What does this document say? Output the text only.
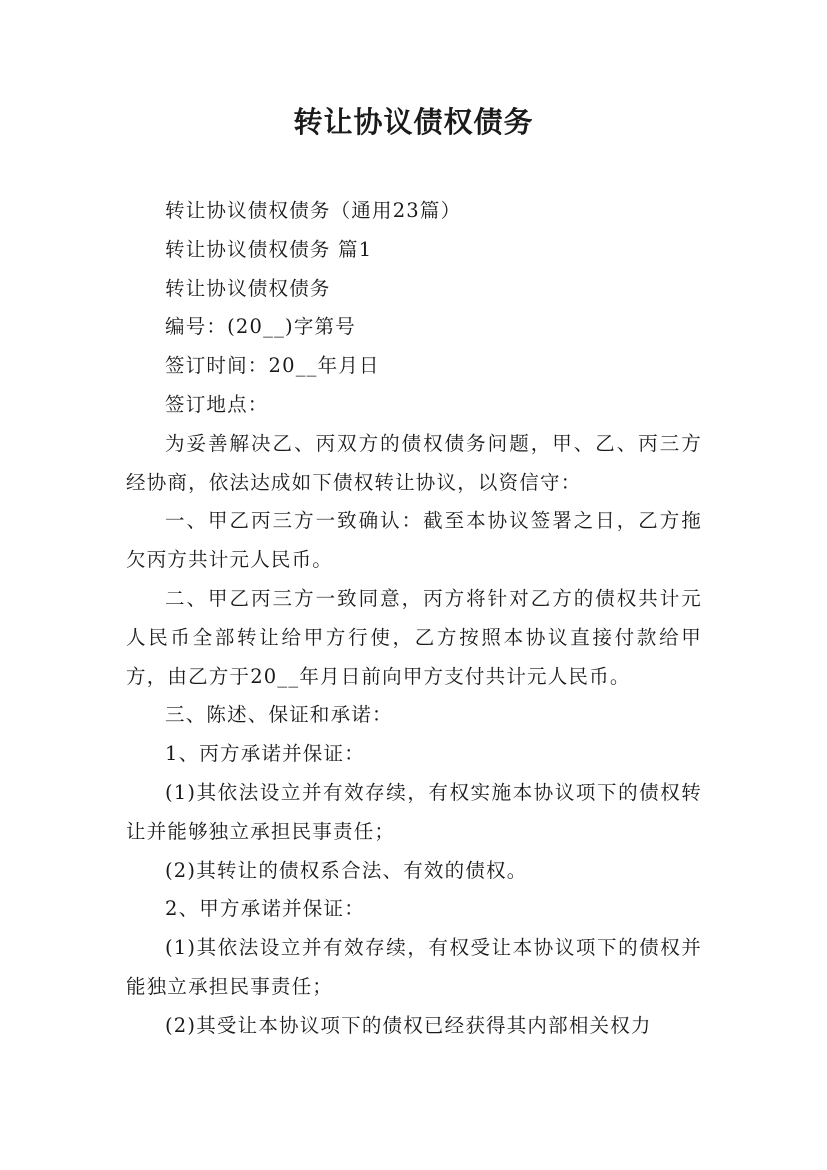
转让协议债权债务

转让协议债权债务（通用23篇）

转让协议债权债务 篇1

转让协议债权债务

编号：(20__)字第号

签订时间：20__年月日

签订地点：

为妥善解决乙、丙双方的债权债务问题，甲、乙、丙三方经协商，依法达成如下债权转让协议，以资信守：

一、甲乙丙三方一致确认：截至本协议签署之日，乙方拖欠丙方共计元人民币。

二、甲乙丙三方一致同意，丙方将针对乙方的债权共计元人民币全部转让给甲方行使，乙方按照本协议直接付款给甲方，由乙方于20__年月日前向甲方支付共计元人民币。

三、陈述、保证和承诺：

1、丙方承诺并保证：

(1)其依法设立并有效存续，有权实施本协议项下的债权转让并能够独立承担民事责任；

(2)其转让的债权系合法、有效的债权。

2、甲方承诺并保证：

(1)其依法设立并有效存续，有权受让本协议项下的债权并能独立承担民事责任；

(2)其受让本协议项下的债权已经获得其内部相关权力
